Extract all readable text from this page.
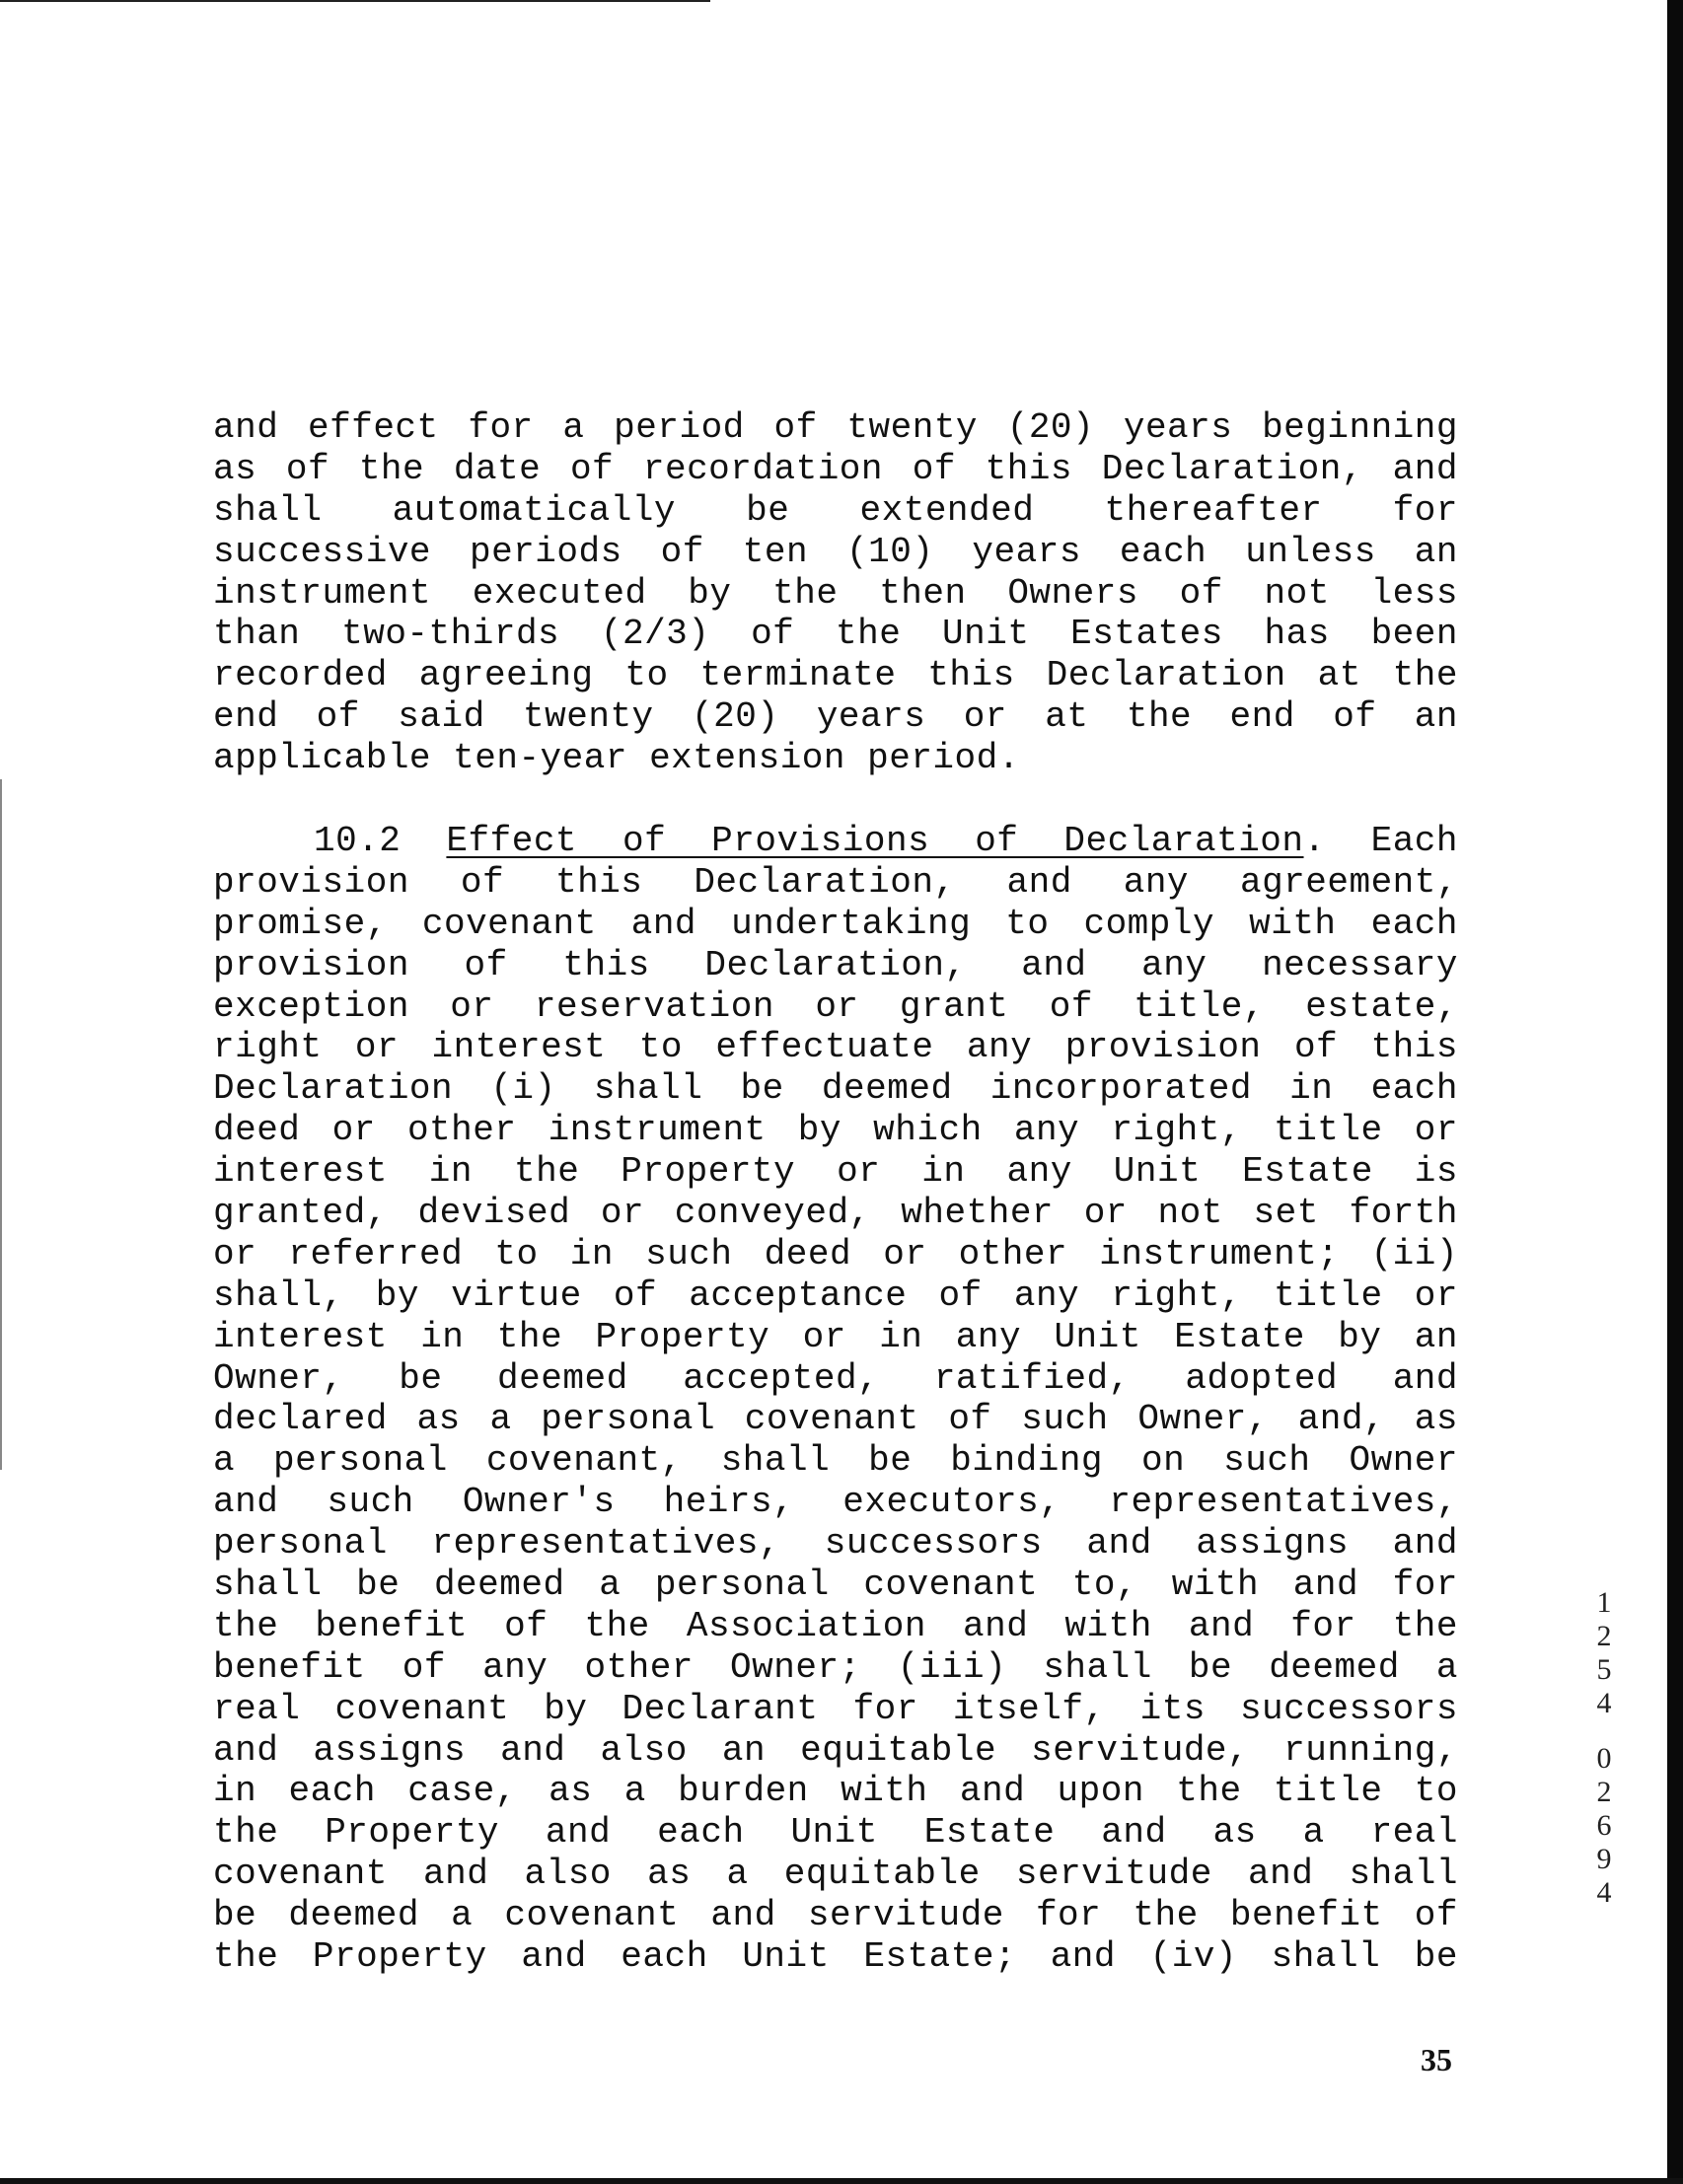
and effect for a period of twenty (20) years beginning
as of the date of recordation of this Declaration, and
shall automatically be extended thereafter for
successive periods of ten (10) years each unless an
instrument executed by the then Owners of not less
than two-thirds (2/3) of the Unit Estates has been
recorded agreeing to terminate this Declaration at the
end of said twenty (20) years or at the end of an
applicable ten-year extension period.
10.2 Effect of Provisions of Declaration. Each
provision of this Declaration, and any agreement,
promise, covenant and undertaking to comply with each
provision of this Declaration, and any necessary
exception or reservation or grant of title, estate,
right or interest to effectuate any provision of this
Declaration (i) shall be deemed incorporated in each
deed or other instrument by which any right, title or
interest in the Property or in any Unit Estate is
granted, devised or conveyed, whether or not set forth
or referred to in such deed or other instrument; (ii)
shall, by virtue of acceptance of any right, title or
interest in the Property or in any Unit Estate by an
Owner, be deemed accepted, ratified, adopted and
declared as a personal covenant of such Owner, and, as
a personal covenant, shall be binding on such Owner
and such Owner's heirs, executors, representatives,
personal representatives, successors and assigns and
shall be deemed a personal covenant to, with and for
the benefit of the Association and with and for the
benefit of any other Owner; (iii) shall be deemed a
real covenant by Declarant for itself, its successors
and assigns and also an equitable servitude, running,
in each case, as a burden with and upon the title to
the Property and each Unit Estate and as a real
covenant and also as a equitable servitude and shall
be deemed a covenant and servitude for the benefit of
the Property and each Unit Estate; and (iv) shall be
1
2
5
4
0
2
6
9
4
35
